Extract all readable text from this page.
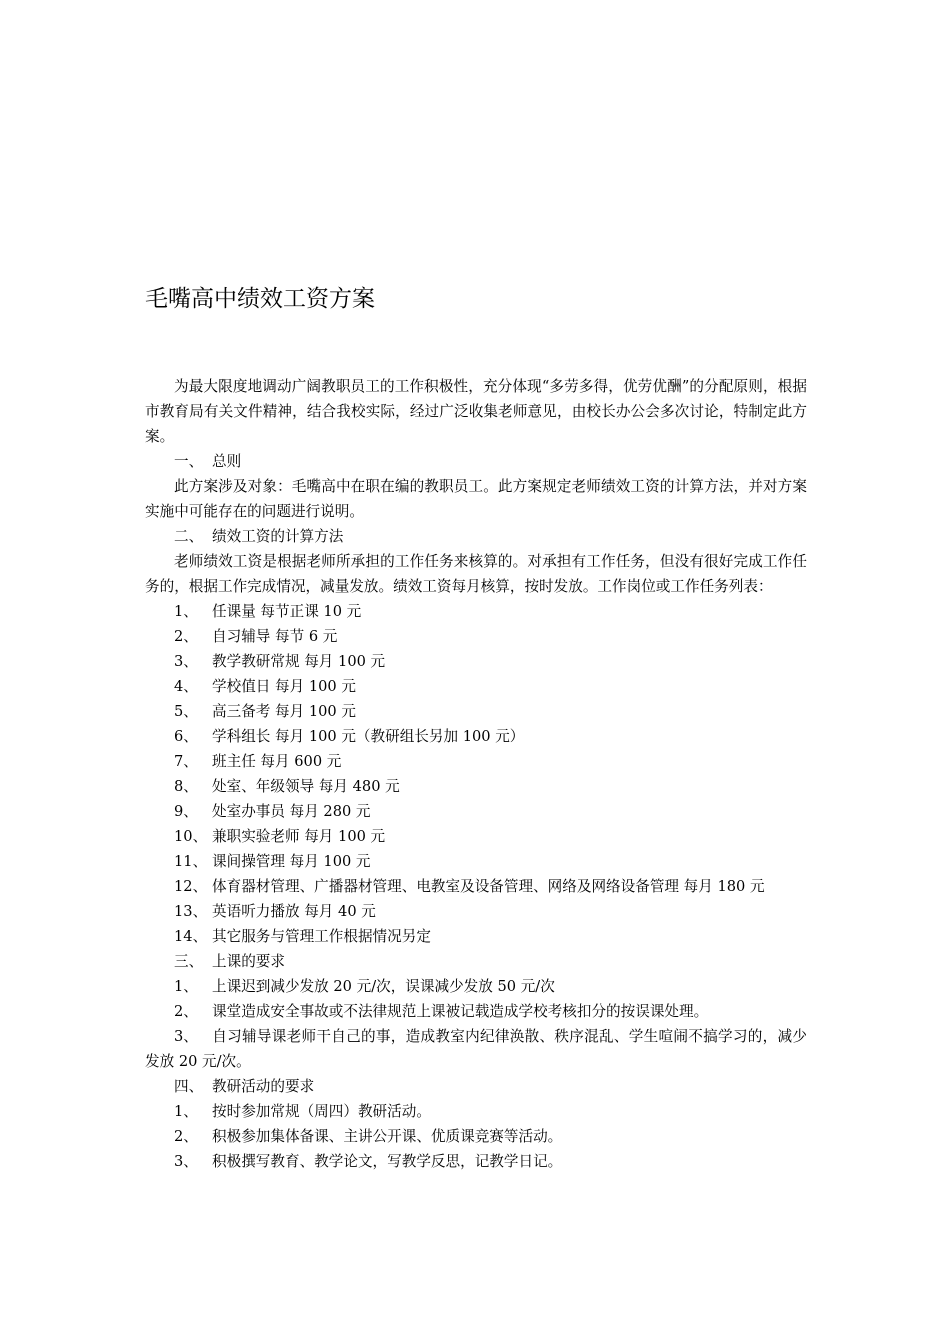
毛嘴高中绩效工资方案

为最大限度地调动广阔教职员工的工作积极性，充分体现“多劳多得，优劳优酬”的分配原则，根据市教育局有关文件精神，结合我校实际，经过广泛收集老师意见，由校长办公会多次讨论，特制定此方案。

一、 总则

此方案涉及对象：毛嘴高中在职在编的教职员工。此方案规定老师绩效工资的计算方法，并对方案实施中可能存在的问题进行说明。

二、 绩效工资的计算方法

老师绩效工资是根据老师所承担的工作任务来核算的。对承担有工作任务，但没有很好完成工作任务的，根据工作完成情况，减量发放。绩效工资每月核算，按时发放。工作岗位或工作任务列表：

1、 任课量 每节正课 10 元

2、 自习辅导 每节 6 元

3、 教学教研常规 每月 100 元

4、 学校值日 每月 100 元

5、 高三备考 每月 100 元

6、 学科组长 每月 100 元（教研组长另加 100 元）

7、 班主任 每月 600 元

8、 处室、年级领导 每月 480 元

9、 处室办事员 每月 280 元

10、 兼职实验老师 每月 100 元

11、 课间操管理 每月 100 元

12、 体育器材管理、广播器材管理、电教室及设备管理、网络及网络设备管理 每月 180 元

13、 英语听力播放 每月 40 元

14、 其它服务与管理工作根据情况另定

三、 上课的要求

1、 上课迟到减少发放 20 元/次，误课减少发放 50 元/次

2、 课堂造成安全事故或不法律规范上课被记载造成学校考核扣分的按误课处理。

3、 自习辅导课老师干自己的事，造成教室内纪律涣散、秩序混乱、学生喧闹不搞学习的，减少发放 20 元/次。

四、 教研活动的要求

1、 按时参加常规（周四）教研活动。

2、 积极参加集体备课、主讲公开课、优质课竞赛等活动。

3、 积极撰写教育、教学论文，写教学反思，记教学日记。
